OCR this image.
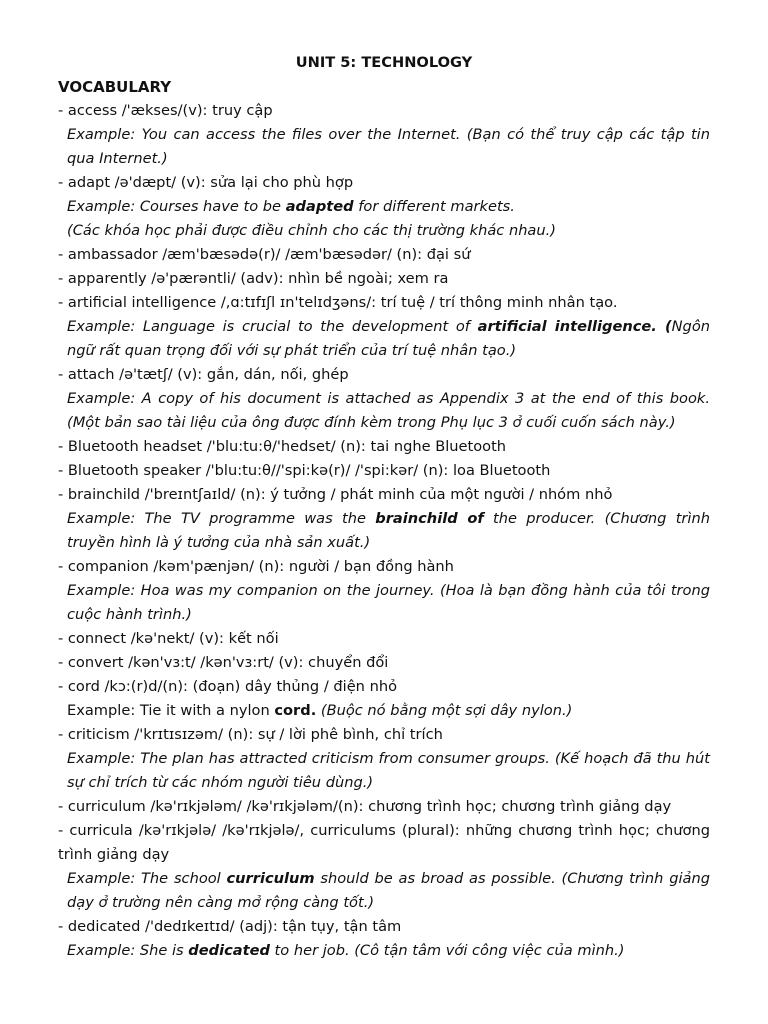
UNIT 5: TECHNOLOGY
VOCABULARY
- access /'ækses/(v): truy cập
Example: You can access the files over the Internet. (Bạn có thể truy cập các tập tin qua Internet.)
- adapt /ə'dæpt/ (v): sửa lại cho phù hợp
Example: Courses have to be adapted for different markets.
(Các khóa học phải được điều chỉnh cho các thị trường khác nhau.)
- ambassador /æm'bæsədə(r)/ /æm'bæsədər/ (n): đại sứ
- apparently /ə'pærəntli/ (adv): nhìn bề ngoài; xem ra
- artificial intelligence /,ɑ:tɪfɪʃl ɪn'telɪdʒəns/: trí tuệ / trí thông minh nhân tạo.
Example: Language is crucial to the development of artificial intelligence. (Ngôn ngữ rất quan trọng đối với sự phát triển của trí tuệ nhân tạo.)
- attach /ə'tætʃ/ (v): gắn, dán, nối, ghép
Example: A copy of his document is attached as Appendix 3 at the end of this book. (Một bản sao tài liệu của ông được đính kèm trong Phụ lục 3 ở cuối cuốn sách này.)
- Bluetooth headset /'blu:tu:θ/'hedset/ (n): tai nghe Bluetooth
- Bluetooth speaker /'blu:tu:θ//'spi:kə(r)/ /'spi:kər/ (n): loa Bluetooth
- brainchild /'breɪntʃaɪld/ (n): ý tưởng / phát minh của một người / nhóm nhỏ
Example: The TV programme was the brainchild of the producer. (Chương trình truyền hình là ý tưởng của nhà sản xuất.)
- companion /kəm'pænjən/ (n): người / bạn đồng hành
Example: Hoa was my companion on the journey. (Hoa là bạn đồng hành của tôi trong cuộc hành trình.)
- connect /kə'nekt/ (v): kết nối
- convert /kən'vɜ:t/ /kən'vɜ:rt/ (v): chuyển đổi
- cord /kɔ:(r)d/(n): (đoạn) dây thủng / điện nhỏ
Example: Tie it with a nylon cord. (Buộc nó bằng một sợi dây nylon.)
- criticism /'krɪtɪsɪzəm/ (n): sự / lời phê bình, chỉ trích
Example: The plan has attracted criticism from consumer groups. (Kế hoạch đã thu hút sự chỉ trích từ các nhóm người tiêu dùng.)
- curriculum /kə'rɪkjələm/ /kə'rɪkjələm/(n): chương trình học; chương trình giảng dạy
- curricula /kə'rɪkjələ/ /kə'rɪkjələ/, curriculums (plural): những chương trình học; chương trình giảng dạy
Example: The school curriculum should be as broad as possible. (Chương trình giảng dạy ở trường nên càng mở rộng càng tốt.)
- dedicated /'dedɪkeɪtɪd/ (adj): tận tụy, tận tâm
Example: She is dedicated to her job. (Cô tận tâm với công việc của mình.)
